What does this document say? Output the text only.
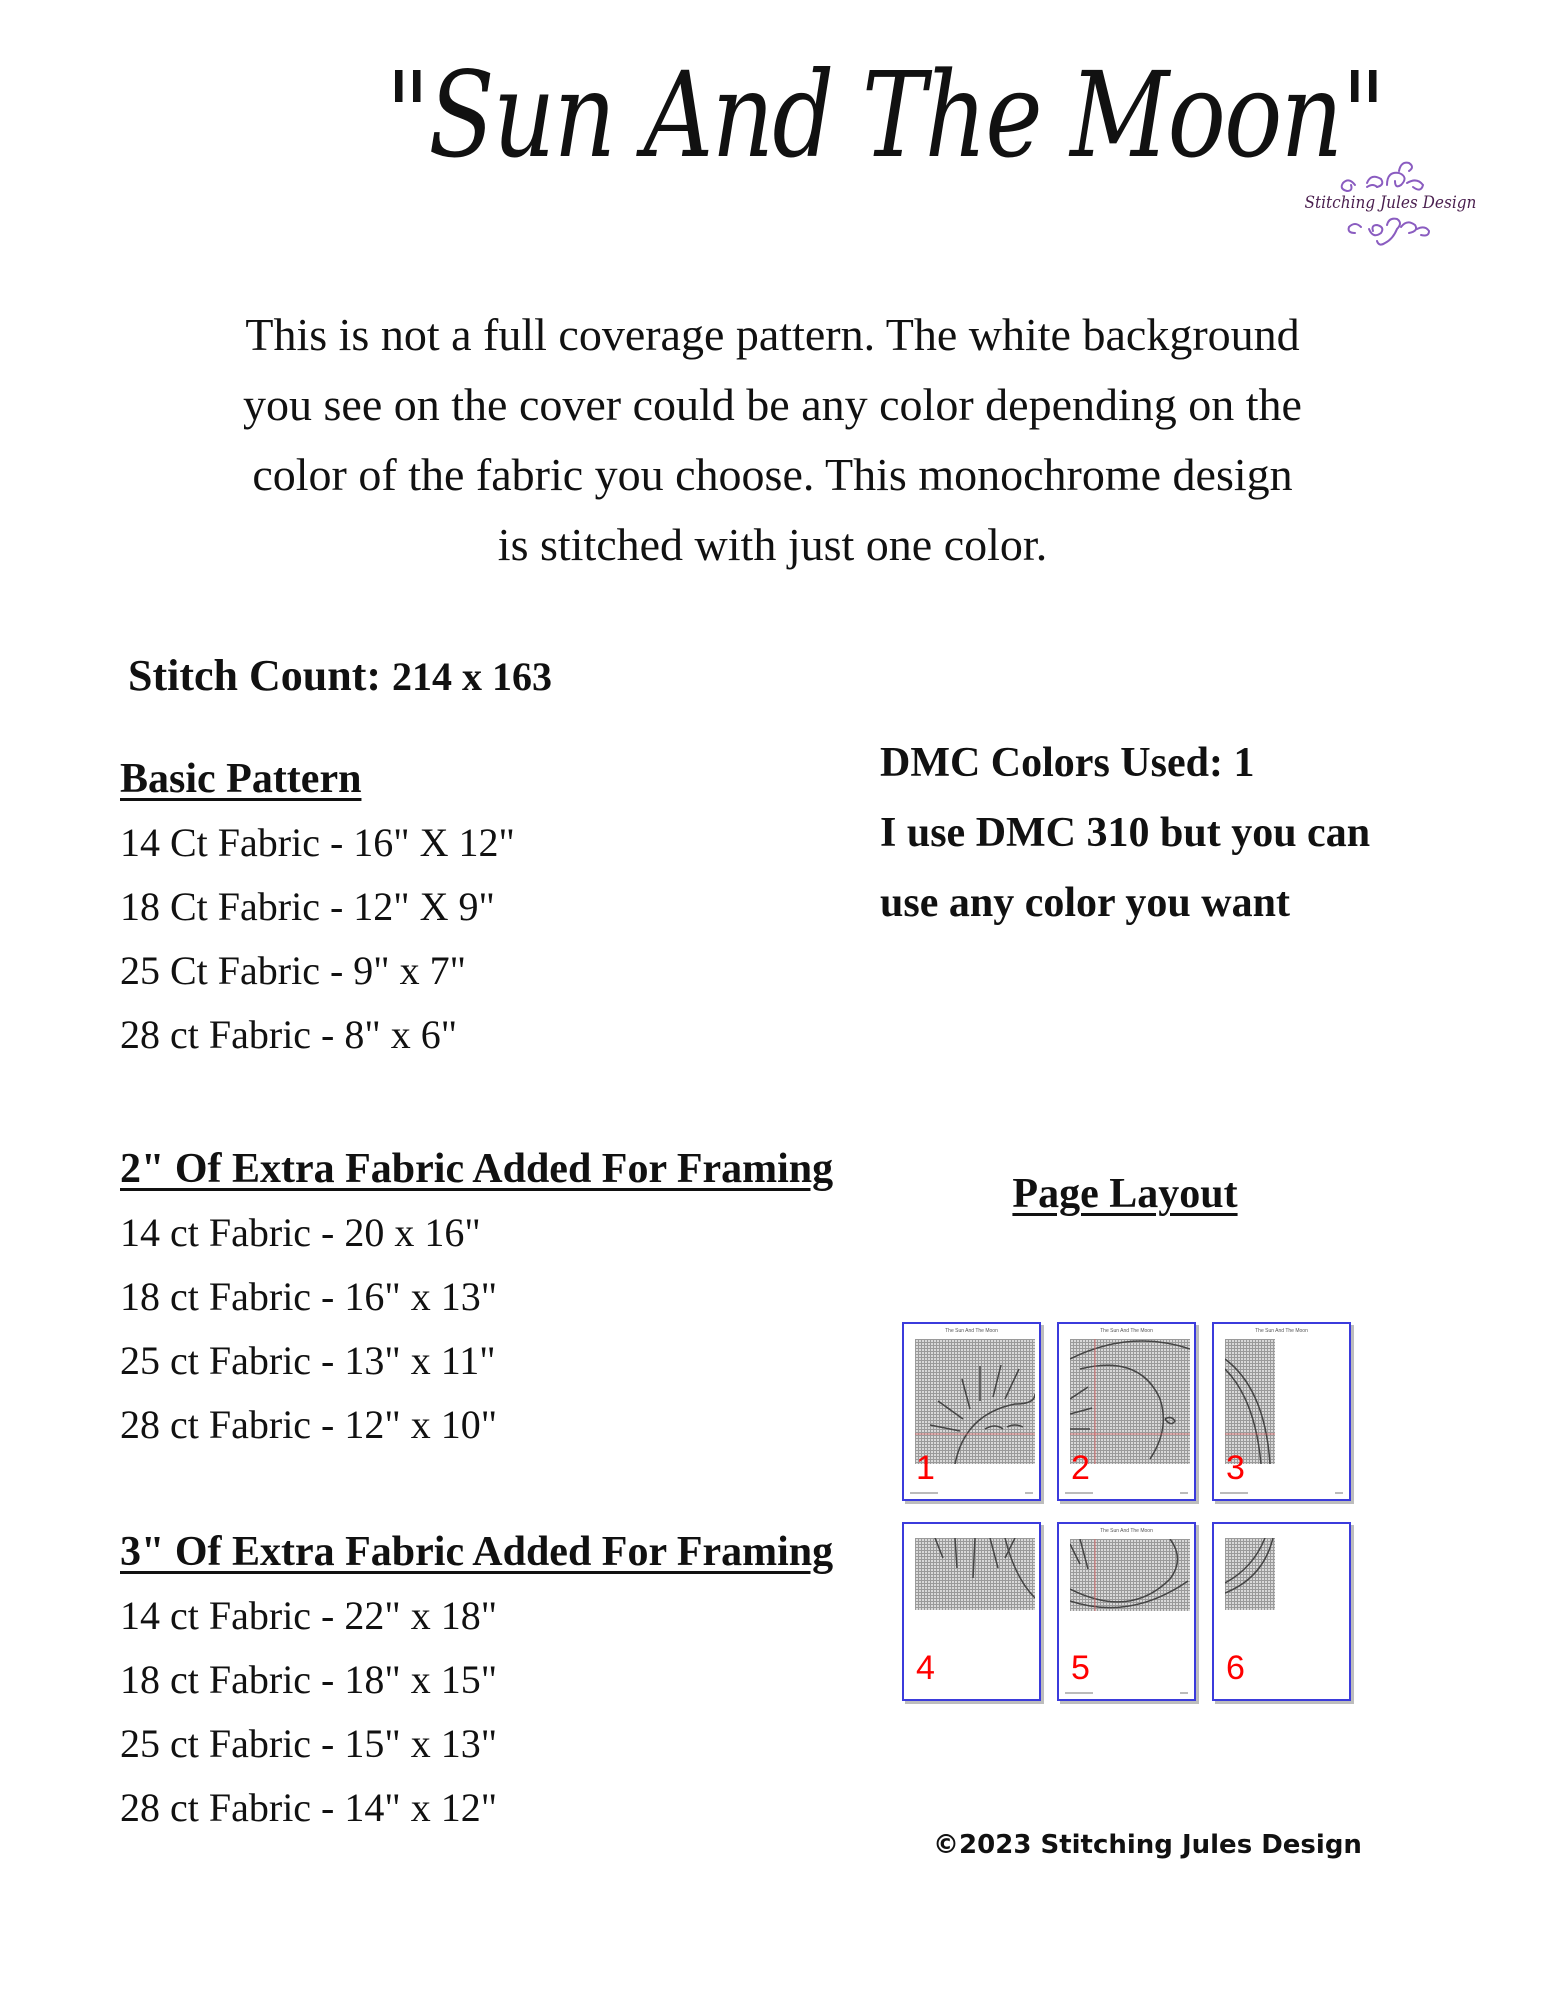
"Sun And The Moon"
Stitching Jules Design
This is not a full coverage pattern. The white background
you see on the cover could be any color depending on the
color of the fabric you choose. This monochrome design
is stitched with just one color.
Stitch Count: 214 x 163
Basic Pattern
14 Ct Fabric - 16" X 12"
18 Ct Fabric - 12" X 9"
25 Ct Fabric - 9" x 7"
28 ct Fabric - 8" x 6"
DMC Colors Used: 1
I use DMC 310 but you can
use any color you want
2" Of Extra Fabric Added For Framing
14 ct Fabric - 20 x 16"
18 ct Fabric - 16" x 13"
25 ct Fabric - 13" x 11"
28 ct Fabric - 12" x 10"
3" Of Extra Fabric Added For Framing
14 ct Fabric - 22" x 18"
18 ct Fabric - 18" x 15"
25 ct Fabric - 15" x 13"
28 ct Fabric - 14" x 12"
Page Layout
The Sun And The Moon
1
The Sun And The Moon
2
The Sun And The Moon
3
4
The Sun And The Moon
5	6
©2023 Stitching Jules Design
